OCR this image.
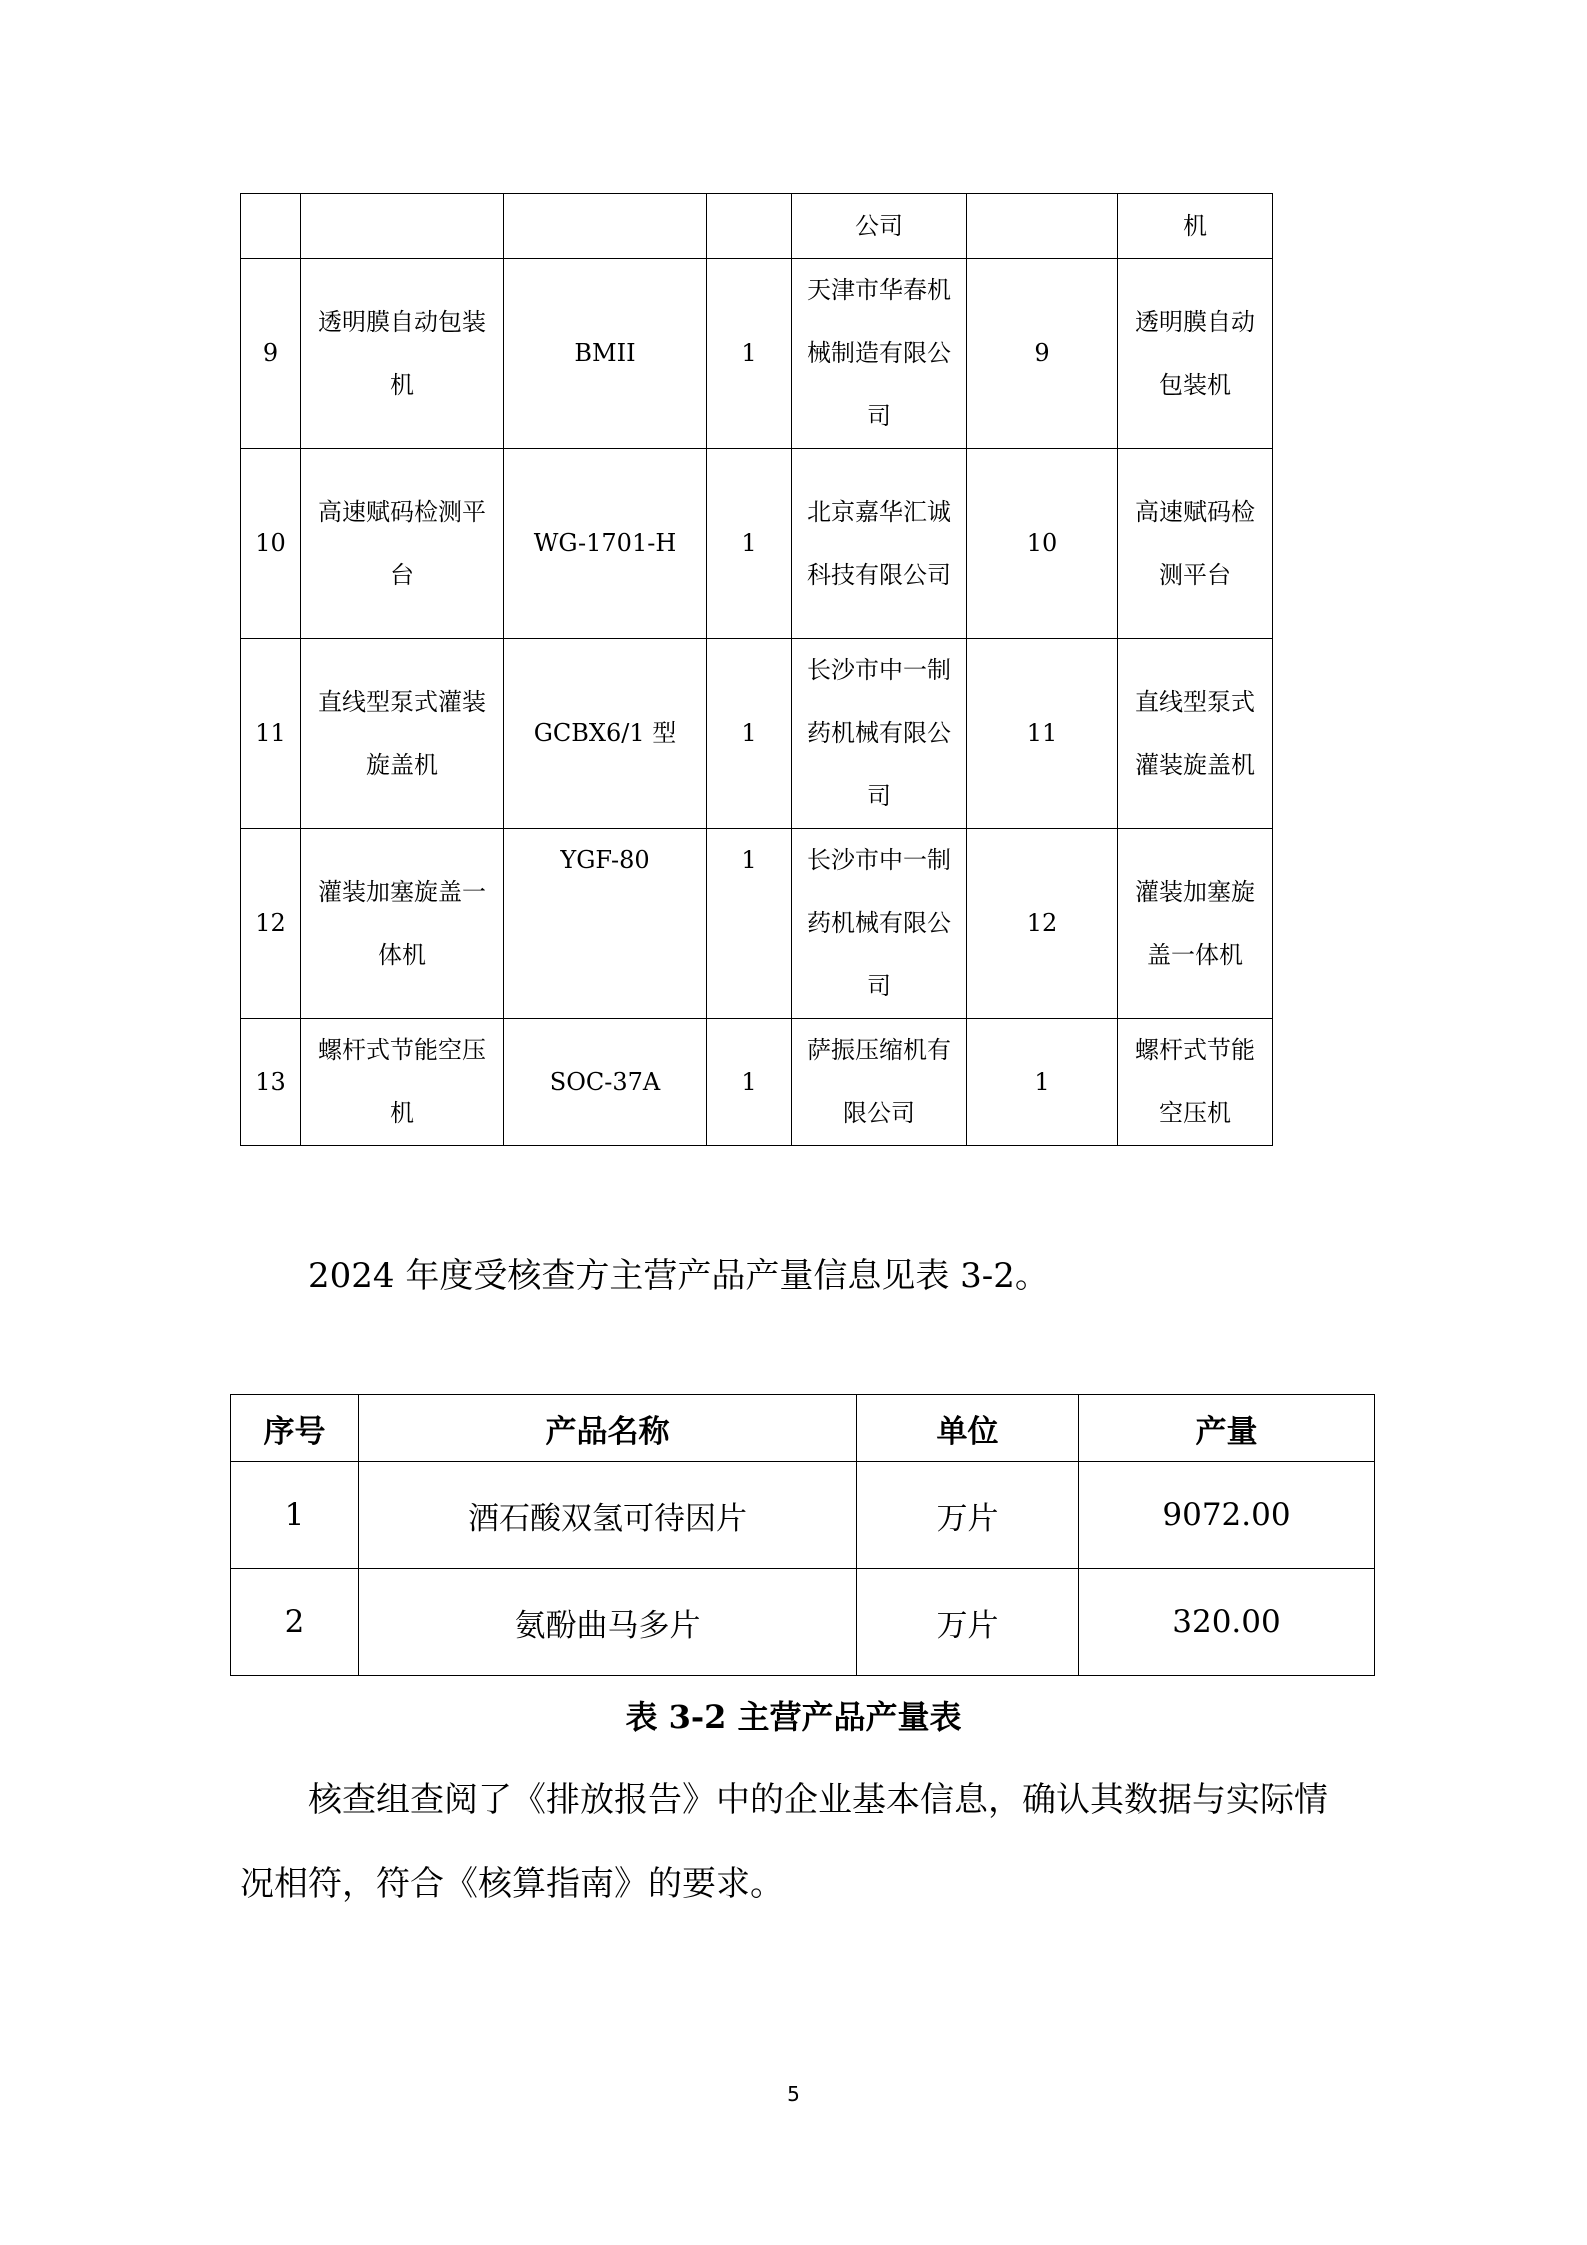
				公司		机
9	透明膜自动包装机	BMII	1	天津市华春机械制造有限公司	9	透明膜自动包装机
10	高速赋码检测平台	WG-1701-H	1	北京嘉华汇诚科技有限公司	10	高速赋码检测平台
11	直线型泵式灌装旋盖机	GCBX6/1 型	1	长沙市中一制药机械有限公司	11	直线型泵式灌装旋盖机
12	灌装加塞旋盖一体机	YGF-80	1	长沙市中一制药机械有限公司	12	灌装加塞旋盖一体机
13	螺杆式节能空压机	SOC-37A	1	萨振压缩机有限公司	1	螺杆式节能空压机

2024 年度受核查方主营产品产量信息见表 3-2。

序号	产品名称	单位	产量
1	酒石酸双氢可待因片	万片	9072.00
2	氨酚曲马多片	万片	320.00
表 3-2 主营产品产量表

核查组查阅了《排放报告》中的企业基本信息，确认其数据与实际情况相符，符合《核算指南》的要求。

5
